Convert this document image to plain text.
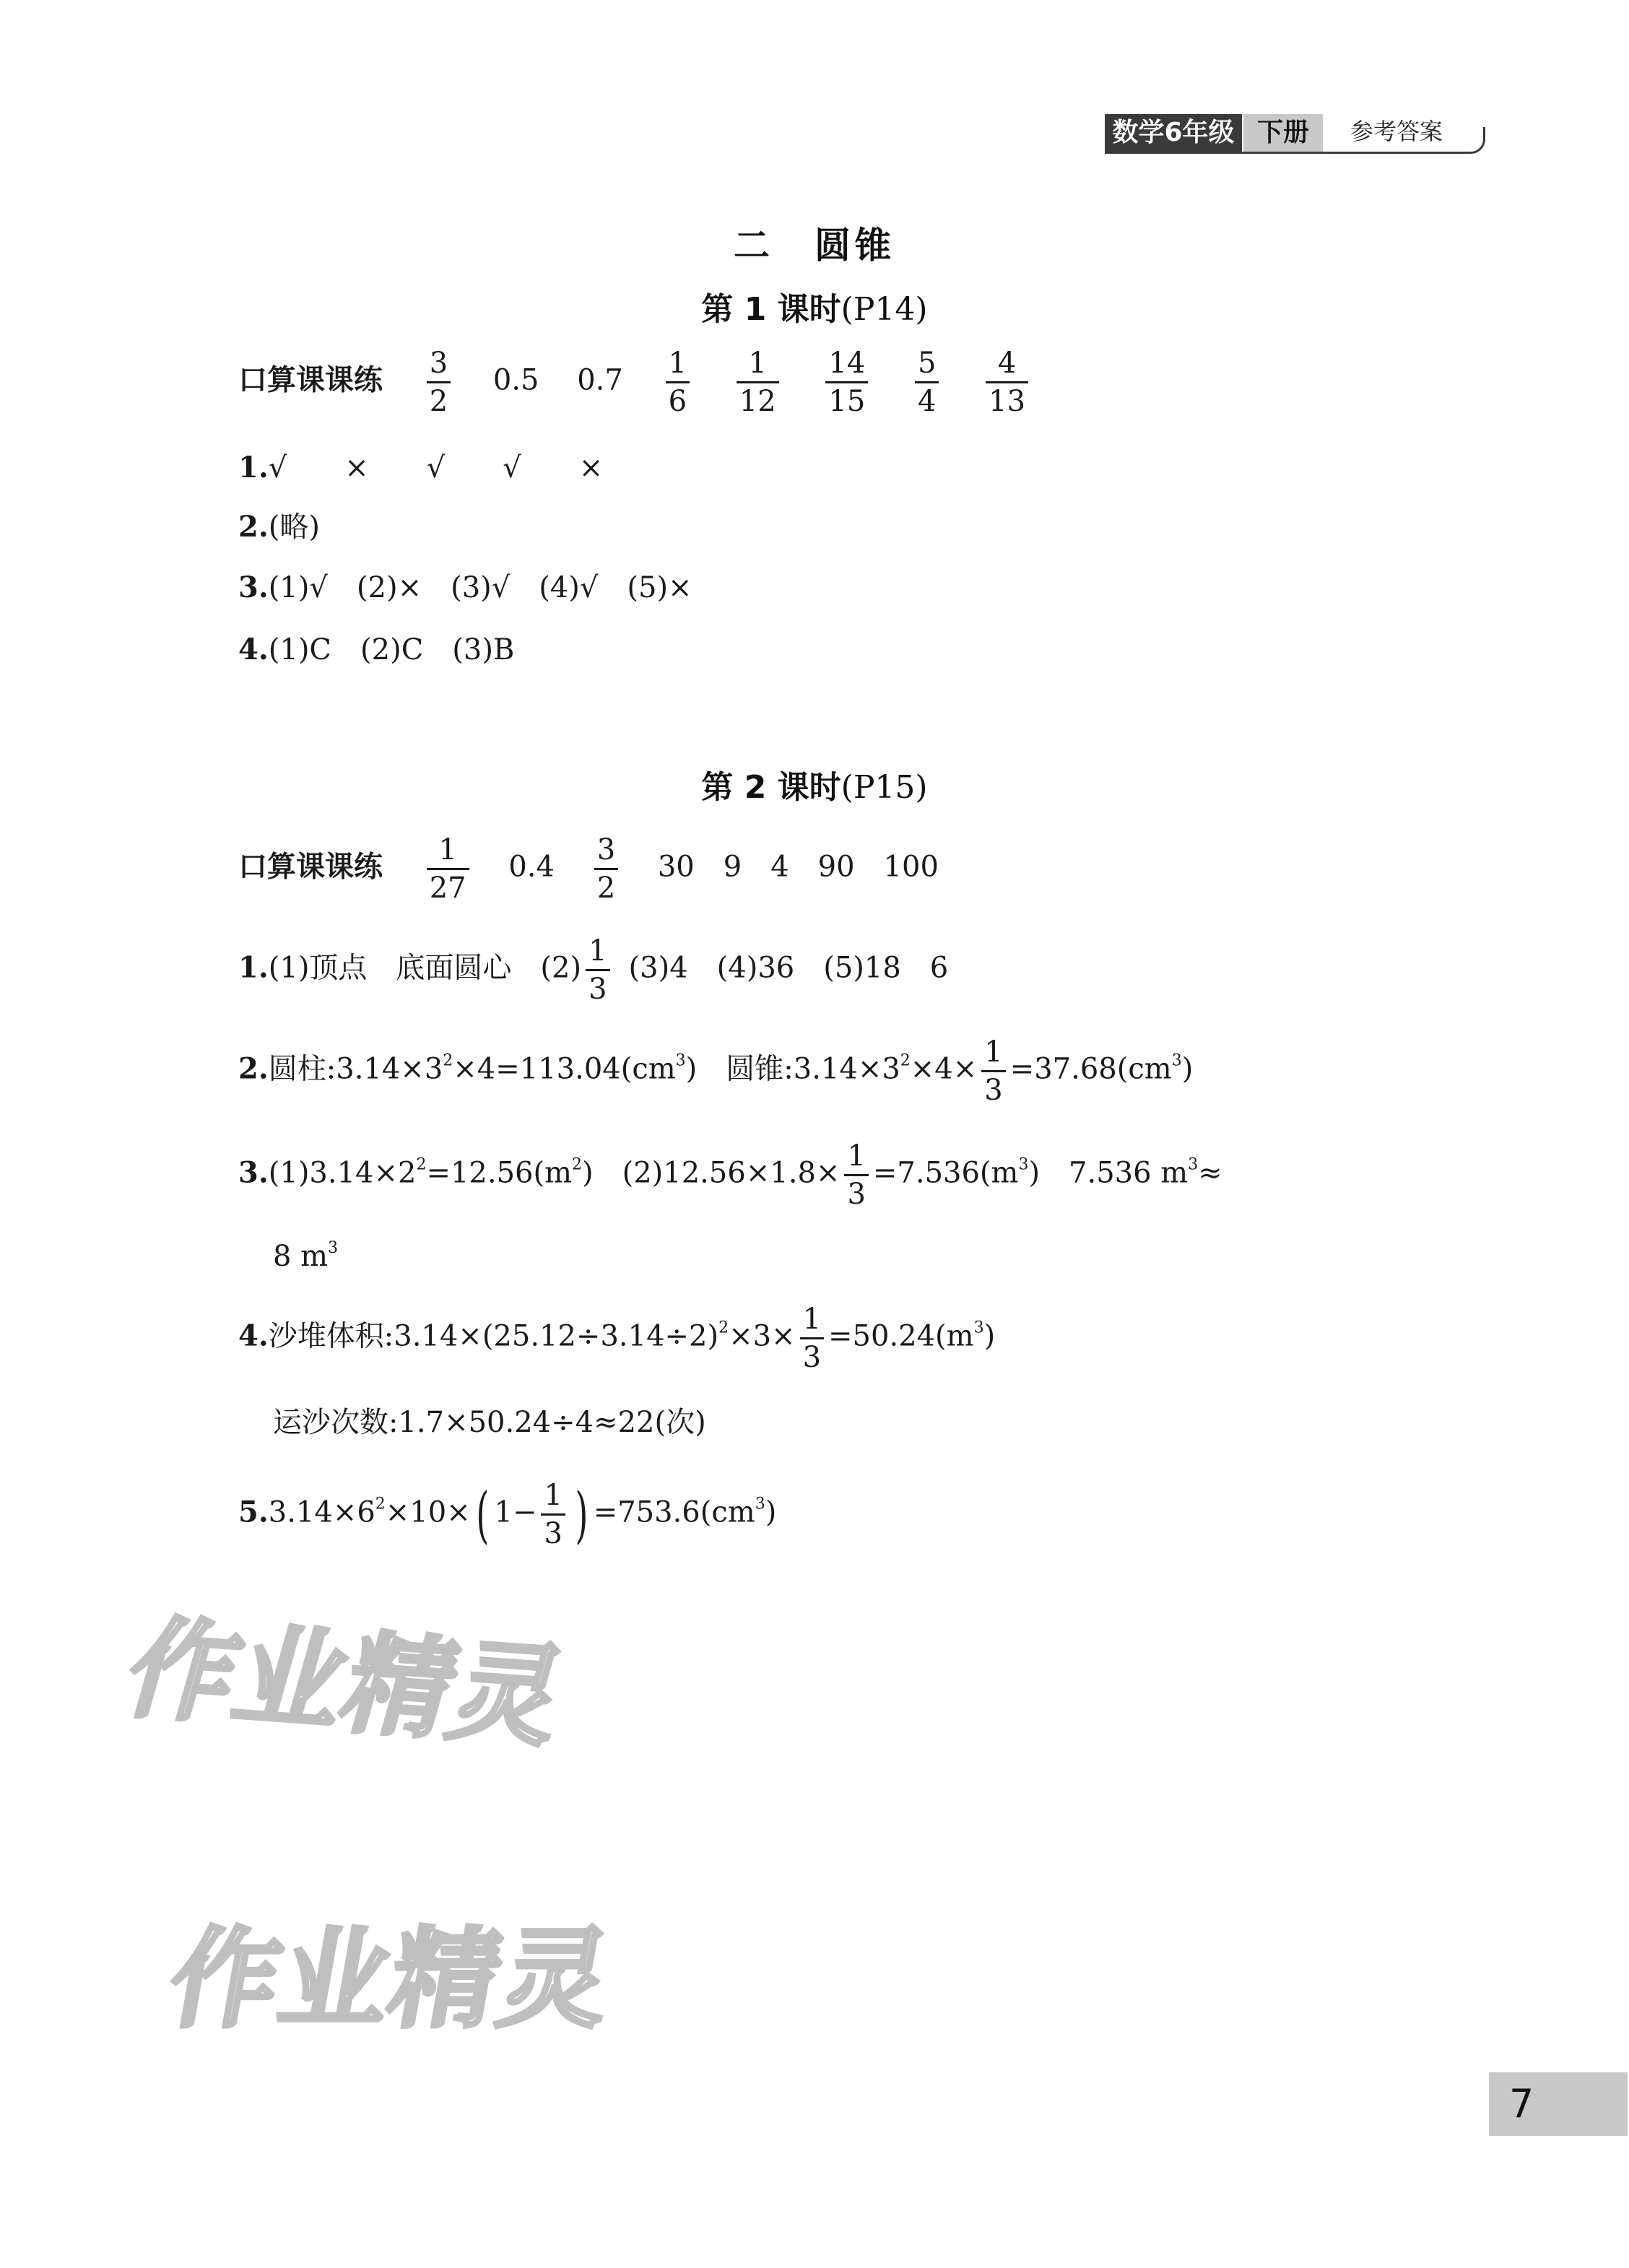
数学6年级 下册	参考答案
二　圆锥
第 1 课时(P14)
口算课课练 $\frac{3}{2} 0.5$ $0.7 \frac{1}{6}$
$\frac{1}{12}$
$\frac{14}{15}$
$\frac{5}{4}$
$\frac{4}{13}$
1.√　　×　　√　　√　　×
2.(略)
3.(1)√　(2)×　(3)√　(4)√　(5)×
4.(1)C　(2)C　(3)B
第 2 课时(P15)
口算课课练 $\frac{1}{27} 0.4 \frac{3}{2} 30$　9　4　90　100
1.(1)顶点　底面圆心　$(2) \frac{1}{3} (3)4$　(4)36　(5)18　6
2.圆柱$:3.14\times 3^2\times 4=113.04(cm^3)$　圆锥$:3.14\times 3^2\times 4\times \frac{1}{3} =37.68(cm^3)$
$3.(1)3.14\times 2^2=12.56(m^2)$　$(2)12.56\times 1.8\times \frac{1}{3} =7.536(m^3)$　7.536 $m^3\approx$
8 $m^3$
4.沙堆体积$:3.14\times(25.12\div 3.14\div 2)^2\times 3\times \frac{1}{3} =50.24(m^3)$
运沙次数:1.7×50.24÷4≈22(次)
$5.3.14\times 6^2\times 10\times$( $1- \frac{1}{3}$ ) $=753.6(cm^3)$
作业精灵
作业精灵
7
